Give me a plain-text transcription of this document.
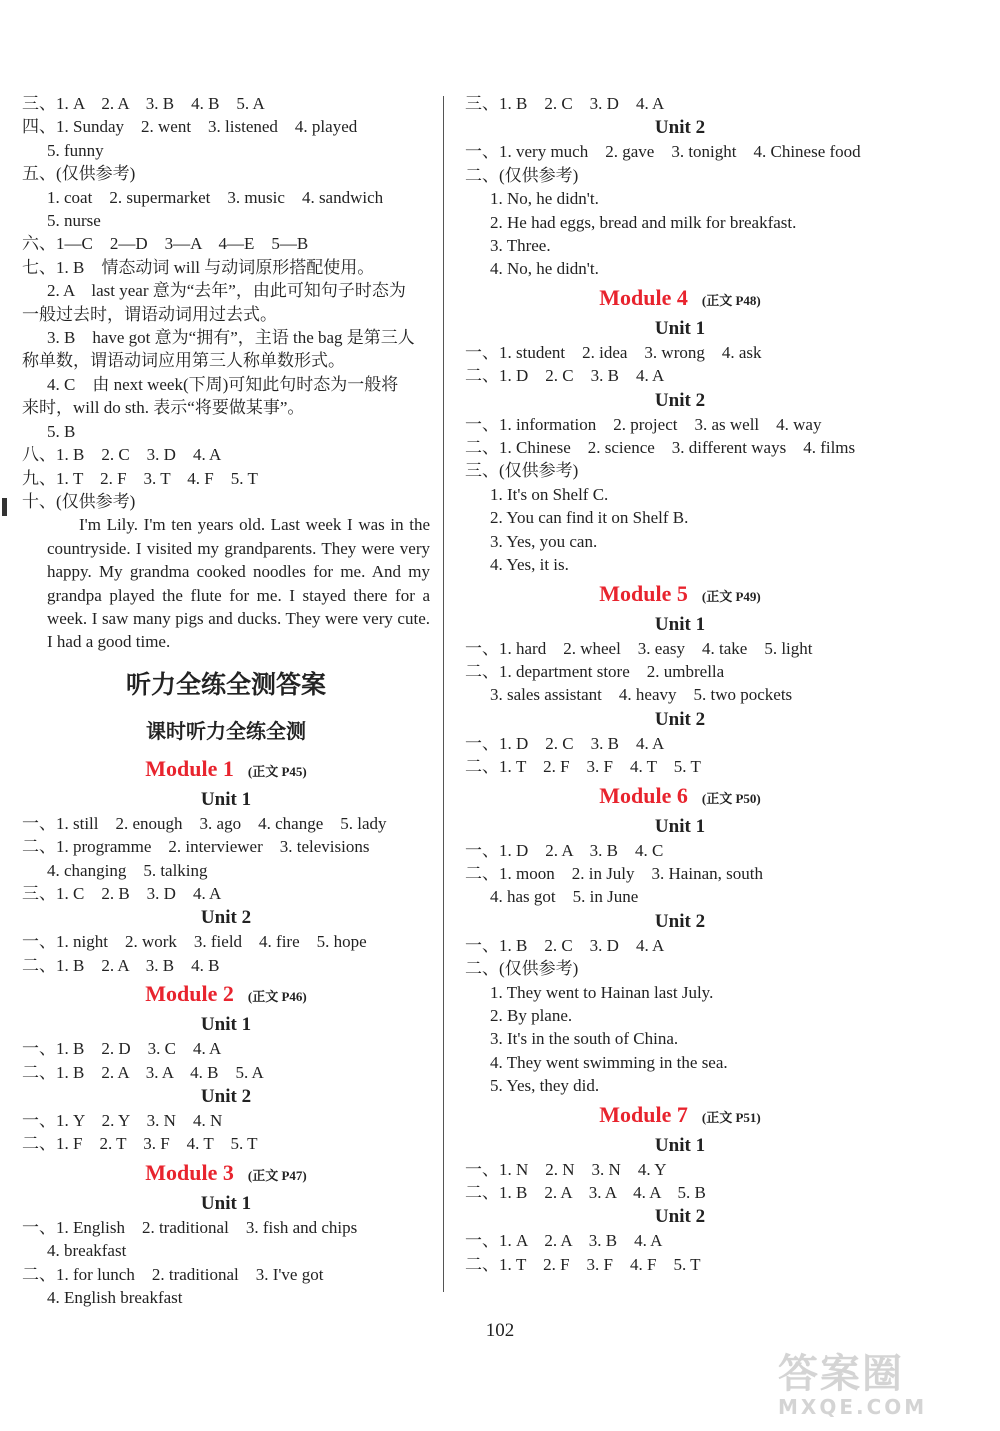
三、1. A　2. A　3. B　4. B　5. A
四、1. Sunday　2. went　3. listened　4. played
5. funny
五、(仅供参考)
1. coat　2. supermarket　3. music　4. sandwich
5. nurse
六、1—C　2—D　3—A　4—E　5—B
七、1. B　情态动词 will 与动词原形搭配使用。
2. A　last year 意为“去年”，由此可知句子时态为
一般过去时，谓语动词用过去式。
3. B　have got 意为“拥有”，主语 the bag 是第三人
称单数，谓语动词应用第三人称单数形式。
4. C　由 next week(下周)可知此句时态为一般将
来时，will do sth. 表示“将要做某事”。
5. B
八、1. B　2. C　3. D　4. A
九、1. T　2. F　3. T　4. F　5. T
十、(仅供参考)
I'm Lily. I'm ten years old. Last week I was in the countryside. I visited my grandparents. They were very happy. My grandma cooked noodles for me. And my grandpa played the flute for me. I stayed there for a week. I saw many pigs and ducks. They were very cute. I had a good time.
听力全练全测答案
课时听力全练全测
Module 1 (正文 P45)
Unit 1
一、1. still　2. enough　3. ago　4. change　5. lady
二、1. programme　2. interviewer　3. televisions
4. changing　5. talking
三、1. C　2. B　3. D　4. A
Unit 2
一、1. night　2. work　3. field　4. fire　5. hope
二、1. B　2. A　3. B　4. B
Module 2 (正文 P46)
Unit 1
一、1. B　2. D　3. C　4. A
二、1. B　2. A　3. A　4. B　5. A
Unit 2
一、1. Y　2. Y　3. N　4. N
二、1. F　2. T　3. F　4. T　5. T
Module 3 (正文 P47)
Unit 1
一、1. English　2. traditional　3. fish and chips
4. breakfast
二、1. for lunch　2. traditional　3. I've got
4. English breakfast
三、1. B　2. C　3. D　4. A
Unit 2
一、1. very much　2. gave　3. tonight　4. Chinese food
二、(仅供参考)
1. No, he didn't.
2. He had eggs, bread and milk for breakfast.
3. Three.
4. No, he didn't.
Module 4 (正文 P48)
Unit 1
一、1. student　2. idea　3. wrong　4. ask
二、1. D　2. C　3. B　4. A
Unit 2
一、1. information　2. project　3. as well　4. way
二、1. Chinese　2. science　3. different ways　4. films
三、(仅供参考)
1. It's on Shelf C.
2. You can find it on Shelf B.
3. Yes, you can.
4. Yes, it is.
Module 5 (正文 P49)
Unit 1
一、1. hard　2. wheel　3. easy　4. take　5. light
二、1. department store　2. umbrella
3. sales assistant　4. heavy　5. two pockets
Unit 2
一、1. D　2. C　3. B　4. A
二、1. T　2. F　3. F　4. T　5. T
Module 6 (正文 P50)
Unit 1
一、1. D　2. A　3. B　4. C
二、1. moon　2. in July　3. Hainan, south
4. has got　5. in June
Unit 2
一、1. B　2. C　3. D　4. A
二、(仅供参考)
1. They went to Hainan last July.
2. By plane.
3. It's in the south of China.
4. They went swimming in the sea.
5. Yes, they did.
Module 7 (正文 P51)
Unit 1
一、1. N　2. N　3. N　4. Y
二、1. B　2. A　3. A　4. A　5. B
Unit 2
一、1. A　2. A　3. B　4. A
二、1. T　2. F　3. F　4. F　5. T
102
答案圈
MXQE.COM
